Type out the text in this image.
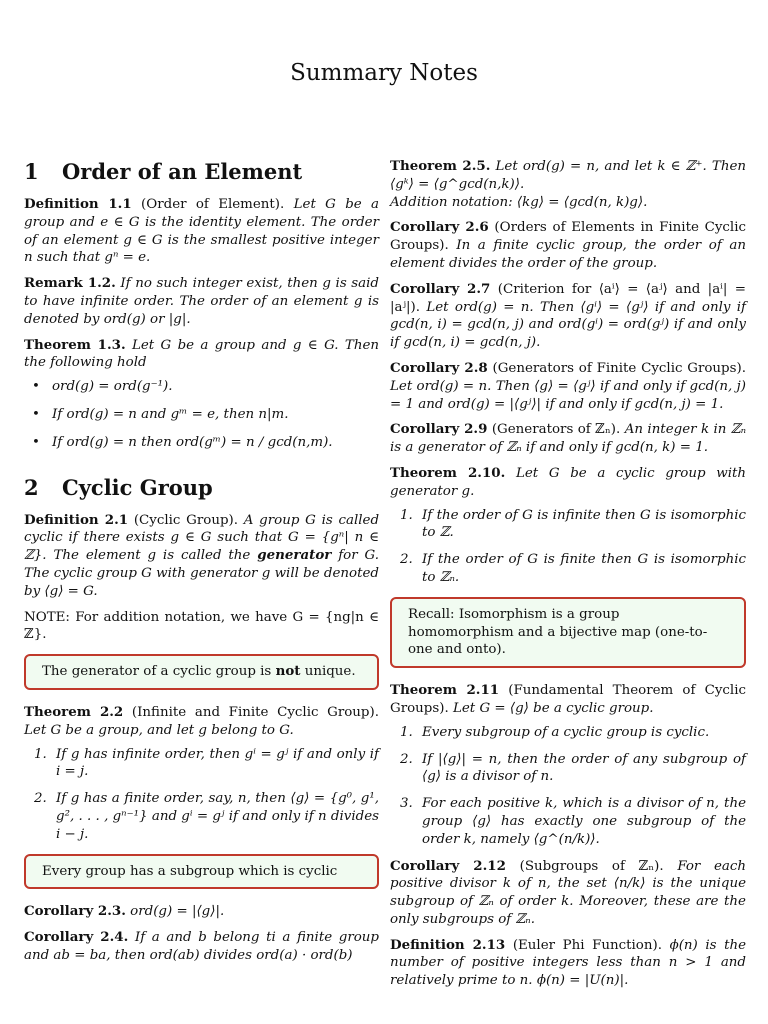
Summary Notes
1	Order of an Element

Definition 1.1 (Order of Element). Let G be a group and e ∈ G is the identity element. The order of an element g ∈ G is the smallest positive integer n such that gⁿ = e.

Remark 1.2. If no such integer exist, then g is said to have infinite order. The order of an element g is denoted by ord(g) or |g|.

Theorem 1.3. Let G be a group and g ∈ G. Then the following hold
• ord(g) = ord(g⁻¹).
• If ord(g) = n and gᵐ = e, then n|m.
• If ord(g) = n then ord(gᵐ) = n / gcd(n,m).
2	Cyclic Group

Definition 2.1 (Cyclic Group). A group G is called cyclic if there exists g ∈ G such that G = {gⁿ| n ∈ ℤ}. The element g is called the generator for G. The cyclic group G with generator g will be denoted by ⟨g⟩ = G.

NOTE: For addition notation, we have G = {ng|n ∈ ℤ}.

The generator of a cyclic group is not unique.
Theorem 2.2 (Infinite and Finite Cyclic Group). Let G be a group, and let g belong to G.
1. If g has infinite order, then gⁱ = gʲ if and only if i = j.
2. If g has a finite order, say, n, then ⟨g⟩ = {g⁰, g¹, g², . . . , gⁿ⁻¹} and gⁱ = gʲ if and only if n divides i − j.
Every group has a subgroup which is cyclic

Corollary 2.3. ord(g) = |⟨g⟩|.

Corollary 2.4. If a and b belong ti a finite group and ab = ba, then ord(ab) divides ord(a) · ord(b)

Theorem 2.5. Let ord(g) = n, and let k ∈ ℤ⁺. Then ⟨gᵏ⟩ = ⟨g^gcd(n,k)⟩.
Addition notation: ⟨kg⟩ = ⟨gcd(n, k)g⟩.

Corollary 2.6 (Orders of Elements in Finite Cyclic Groups). In a finite cyclic group, the order of an element divides the order of the group.

Corollary 2.7 (Criterion for ⟨aⁱ⟩ = ⟨aʲ⟩ and |aⁱ| = |aʲ|). Let ord(g) = n. Then ⟨gⁱ⟩ = ⟨gʲ⟩ if and only if gcd(n, i) = gcd(n, j) and ord(gⁱ) = ord(gʲ) if and only if gcd(n, i) = gcd(n, j).

Corollary 2.8 (Generators of Finite Cyclic Groups). Let ord(g) = n. Then ⟨g⟩ = ⟨gʲ⟩ if and only if gcd(n, j) = 1 and ord(g) = |⟨gʲ⟩| if and only if gcd(n, j) = 1.

Corollary 2.9 (Generators of ℤₙ). An integer k in ℤₙ is a generator of ℤₙ if and only if gcd(n, k) = 1.

Theorem 2.10. Let G be a cyclic group with generator g.
1. If the order of G is infinite then G is isomorphic to ℤ.
2. If the order of G is finite then G is isomorphic to ℤₙ.
Recall: Isomorphism is a group homomorphism and a bijective map (one-to-one and onto).
Theorem 2.11 (Fundamental Theorem of Cyclic Groups). Let G = ⟨g⟩ be a cyclic group.
1. Every subgroup of a cyclic group is cyclic.
2. If |⟨g⟩| = n, then the order of any subgroup of ⟨g⟩ is a divisor of n.
3. For each positive k, which is a divisor of n, the group ⟨g⟩ has exactly one subgroup of the order k, namely ⟨g^(n/k)⟩.

Corollary 2.12 (Subgroups of ℤₙ). For each positive divisor k of n, the set ⟨n/k⟩ is the unique subgroup of ℤₙ of order k. Moreover, these are the only subgroups of ℤₙ.

Definition 2.13 (Euler Phi Function). ϕ(n) is the number of positive integers less than n > 1 and relatively prime to n. ϕ(n) = |U(n)|.
